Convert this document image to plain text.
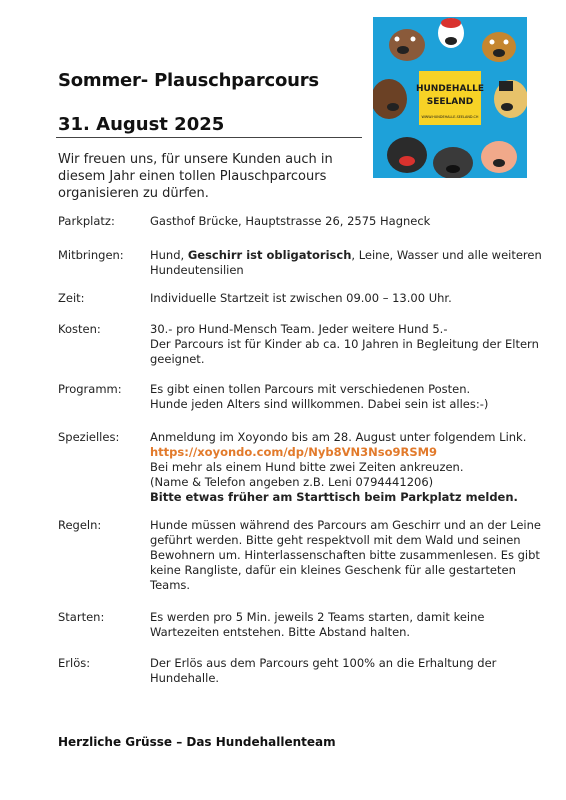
Sommer- Plauschparcours
31. August 2025

Wir freuen uns, für unsere Kunden auch in diesem Jahr einen tollen Plauschparcours organisieren zu dürfen.

HUNDEHALLE
SEELAND
WWW.HUNDEHALLE-SEELAND.CH
Parkplatz:	Gasthof Brücke, Hauptstrasse 26, 2575 Hagneck

Mitbringen:	Hund, Geschirr ist obligatorisch, Leine, Wasser und alle weiteren Hundeutensilien

Zeit:	Individuelle Startzeit ist zwischen 09.00 – 13.00 Uhr.

Kosten:	30.- pro Hund-Mensch Team. Jeder weitere Hund 5.-

Der Parcours ist für Kinder ab ca. 10 Jahren in Begleitung der Eltern geeignet.

Programm:	Es gibt einen tollen Parcours mit verschiedenen Posten.

Hunde jeden Alters sind willkommen. Dabei sein ist alles:-)

Spezielles:	Anmeldung im Xoyondo bis am 28. August unter folgendem Link.

https://xoyondo.com/dp/Nyb8VN3Nso9RSM9

Bei mehr als einem Hund bitte zwei Zeiten ankreuzen.

(Name & Telefon angeben z.B. Leni 0794441206)

Bitte etwas früher am Starttisch beim Parkplatz melden.

Regeln:	Hunde müssen während des Parcours am Geschirr und an der Leine geführt werden. Bitte geht respektvoll mit dem Wald und seinen Bewohnern um. Hinterlassenschaften bitte zusammenlesen. Es gibt keine Rangliste, dafür ein kleines Geschenk für alle gestarteten Teams.

Starten:	Es werden pro 5 Min. jeweils 2 Teams starten, damit keine Wartezeiten entstehen. Bitte Abstand halten.

Erlös:	Der Erlös aus dem Parcours geht 100% an die Erhaltung der Hundehalle.

Herzliche Grüsse – Das Hundehallenteam
